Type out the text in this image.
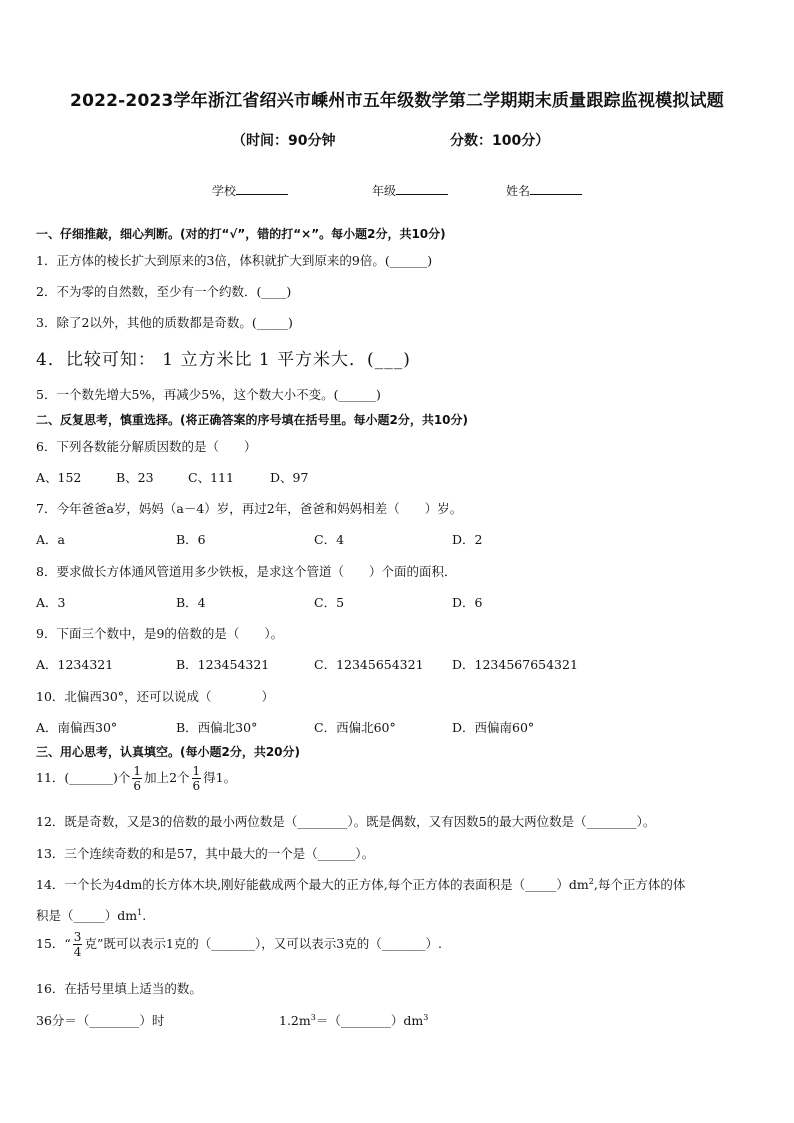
2022-2023学年浙江省绍兴市嵊州市五年级数学第二学期期末质量跟踪监视模拟试题
（时间：90分钟	分数：100分）
学校	年级	姓名
一、仔细推敲，细心判断。(对的打“√”，错的打“×”。每小题2分，共10分)
1．正方体的棱长扩大到原来的3倍，体积就扩大到原来的9倍。(______)
2．不为零的自然数，至少有一个约数．(____)
3．除了2以外，其他的质数都是奇数。(_____)
4．比较可知： 1 立方米比 1 平方米大．(___)
5．一个数先增大5%，再减少5%，这个数大小不变。(______)
二、反复思考，慎重选择。(将正确答案的序号填在括号里。每小题2分，共10分)
6．下列各数能分解质因数的是（　　）
A、152	B、23	C、111	D、97
7．今年爸爸a岁，妈妈（a－4）岁，再过2年，爸爸和妈妈相差（　　）岁。
A．a	B．6	C．4	D．2
8．要求做长方体通风管道用多少铁板，是求这个管道（　　）个面的面积．
A．3	B．4	C．5	D．6
9．下面三个数中，是9的倍数的是（　　）。
A．1234321	B．123454321	C．12345654321 D．1234567654321
10．北偏西30°，还可以说成（　　　　）
A．南偏西30°	B．西偏北30°	C．西偏北60°	D．西偏南60°
三、用心思考，认真填空。(每小题2分，共20分)
11．(_______)个 $\frac{1}{6}$ 加上2个 $\frac{1}{6}$ 得1。
12．既是奇数，又是3的倍数的最小两位数是（________）。既是偶数，又有因数5的最大两位数是（________）。
13．三个连续奇数的和是57，其中最大的一个是（______）。
14．一个长为4dm的长方体木块,刚好能截成两个最大的正方体,每个正方体的表面积是$(\_\_\_\_\_)dm^2$,每个正方体的体
积是$(\_\_\_\_\_)dm^1$.
15．“ $\frac{3}{4}$ 克”既可以表示1克的（_______），又可以表示3克的（_______）.
16．在括号里填上适当的数。
36分＝（________）时	$1.2m^3=(\_\_\_\_\_\_\_\_)dm^3$
